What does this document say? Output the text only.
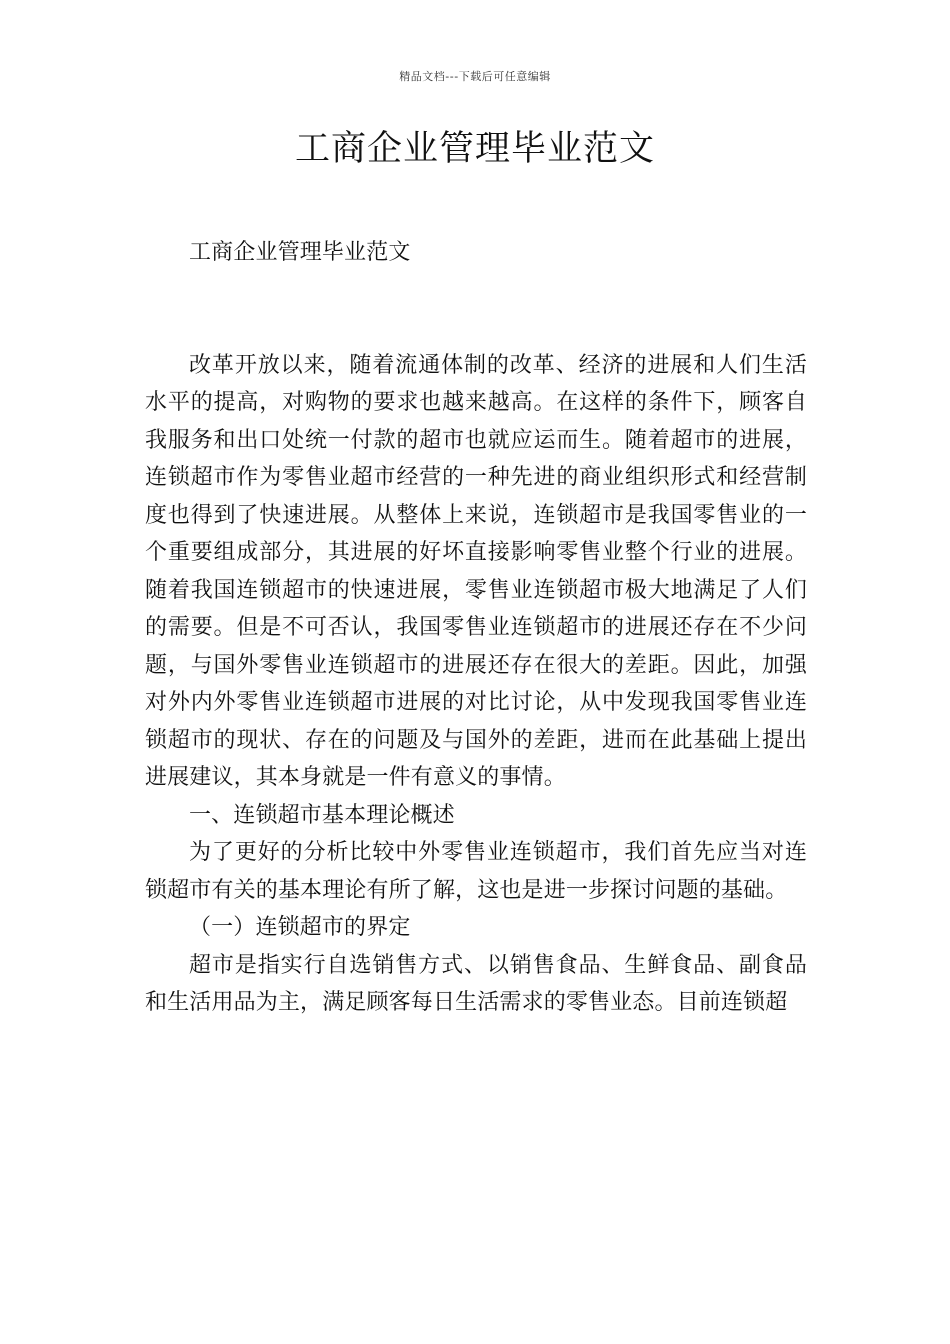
精品文档---下载后可任意编辑
工商企业管理毕业范文

工商企业管理毕业范文

改革开放以来，随着流通体制的改革、经济的进展和人们生活水平的提高，对购物的要求也越来越高。在这样的条件下，顾客自我服务和出口处统一付款的超市也就应运而生。随着超市的进展，连锁超市作为零售业超市经营的一种先进的商业组织形式和经营制度也得到了快速进展。从整体上来说，连锁超市是我国零售业的一个重要组成部分，其进展的好坏直接影响零售业整个行业的进展。随着我国连锁超市的快速进展，零售业连锁超市极大地满足了人们的需要。但是不可否认，我国零售业连锁超市的进展还存在不少问题，与国外零售业连锁超市的进展还存在很大的差距。因此，加强对外内外零售业连锁超市进展的对比讨论，从中发现我国零售业连锁超市的现状、存在的问题及与国外的差距，进而在此基础上提出进展建议，其本身就是一件有意义的事情。

一、连锁超市基本理论概述

为了更好的分析比较中外零售业连锁超市，我们首先应当对连锁超市有关的基本理论有所了解，这也是进一步探讨问题的基础。

（一）连锁超市的界定

超市是指实行自选销售方式、以销售食品、生鲜食品、副食品和生活用品为主，满足顾客每日生活需求的零售业态。目前连锁超
